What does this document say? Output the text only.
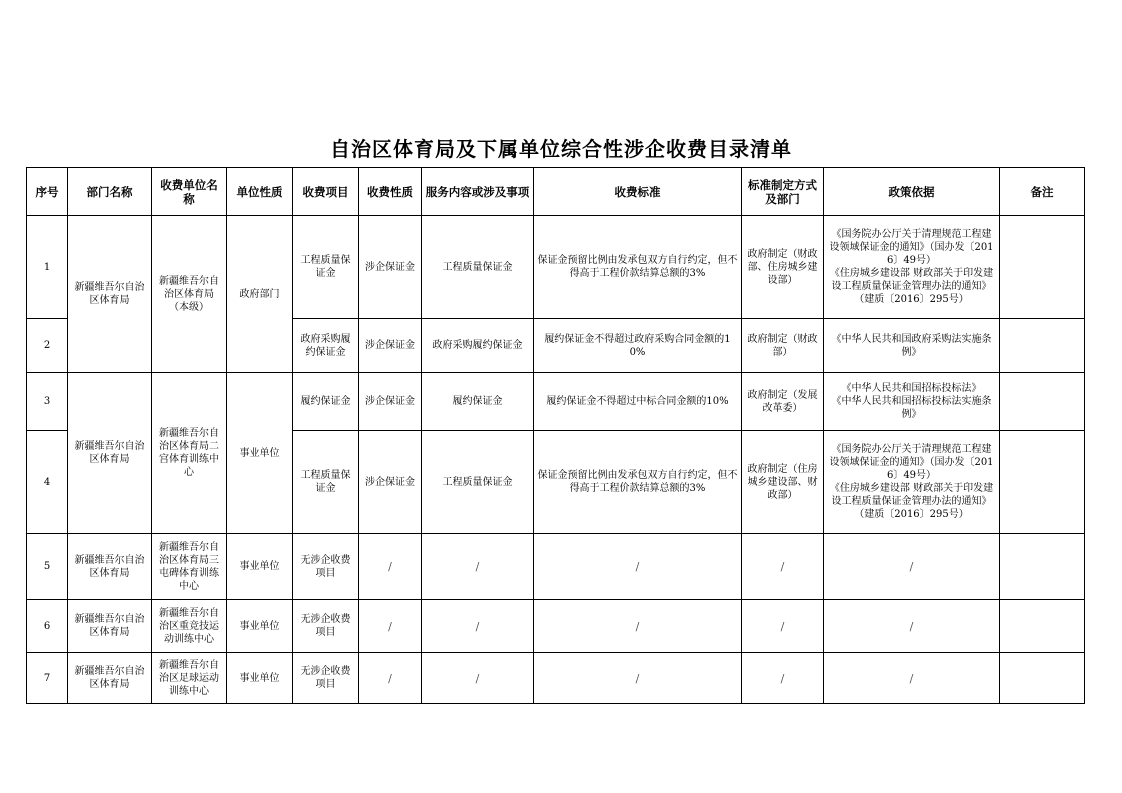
自治区体育局及下属单位综合性涉企收费目录清单
序号	部门名称	收费单位名称	单位性质	收费项目	收费性质	服务内容或涉及事项	收费标准	标准制定方式及部门	政策依据	备注
1	新疆维吾尔自治区体育局	新疆维吾尔自治区体育局（本级）	政府部门	工程质量保证金	涉企保证金	工程质量保证金	保证金预留比例由发承包双方自行约定，但不得高于工程价款结算总额的3%	政府制定（财政部、住房城乡建设部）	《国务院办公厅关于清理规范工程建设领域保证金的通知》（国办发〔2016〕49号）
《住房城乡建设部 财政部关于印发建设工程质量保证金管理办法的通知》（建质〔2016〕295号）	
2				政府采购履约保证金	涉企保证金	政府采购履约保证金	履约保证金不得超过政府采购合同金额的10%	政府制定（财政部）	《中华人民共和国政府采购法实施条例》	
3	新疆维吾尔自治区体育局	新疆维吾尔自治区体育局二宫体育训练中心	事业单位	履约保证金	涉企保证金	履约保证金	履约保证金不得超过中标合同金额的10%	政府制定（发展改革委）	《中华人民共和国招标投标法》
《中华人民共和国招标投标法实施条例》	
4				工程质量保证金	涉企保证金	工程质量保证金	保证金预留比例由发承包双方自行约定，但不得高于工程价款结算总额的3%	政府制定（住房城乡建设部、财政部）	《国务院办公厅关于清理规范工程建设领域保证金的通知》（国办发〔2016〕49号）
《住房城乡建设部 财政部关于印发建设工程质量保证金管理办法的通知》（建质〔2016〕295号）	
5	新疆维吾尔自治区体育局	新疆维吾尔自治区体育局三屯碑体育训练中心	事业单位	无涉企收费项目	/	/	/	/	/	
6	新疆维吾尔自治区体育局	新疆维吾尔自治区重竞技运动训练中心	事业单位	无涉企收费项目	/	/	/	/	/	
7	新疆维吾尔自治区体育局	新疆维吾尔自治区足球运动训练中心	事业单位	无涉企收费项目	/	/	/	/	/	
